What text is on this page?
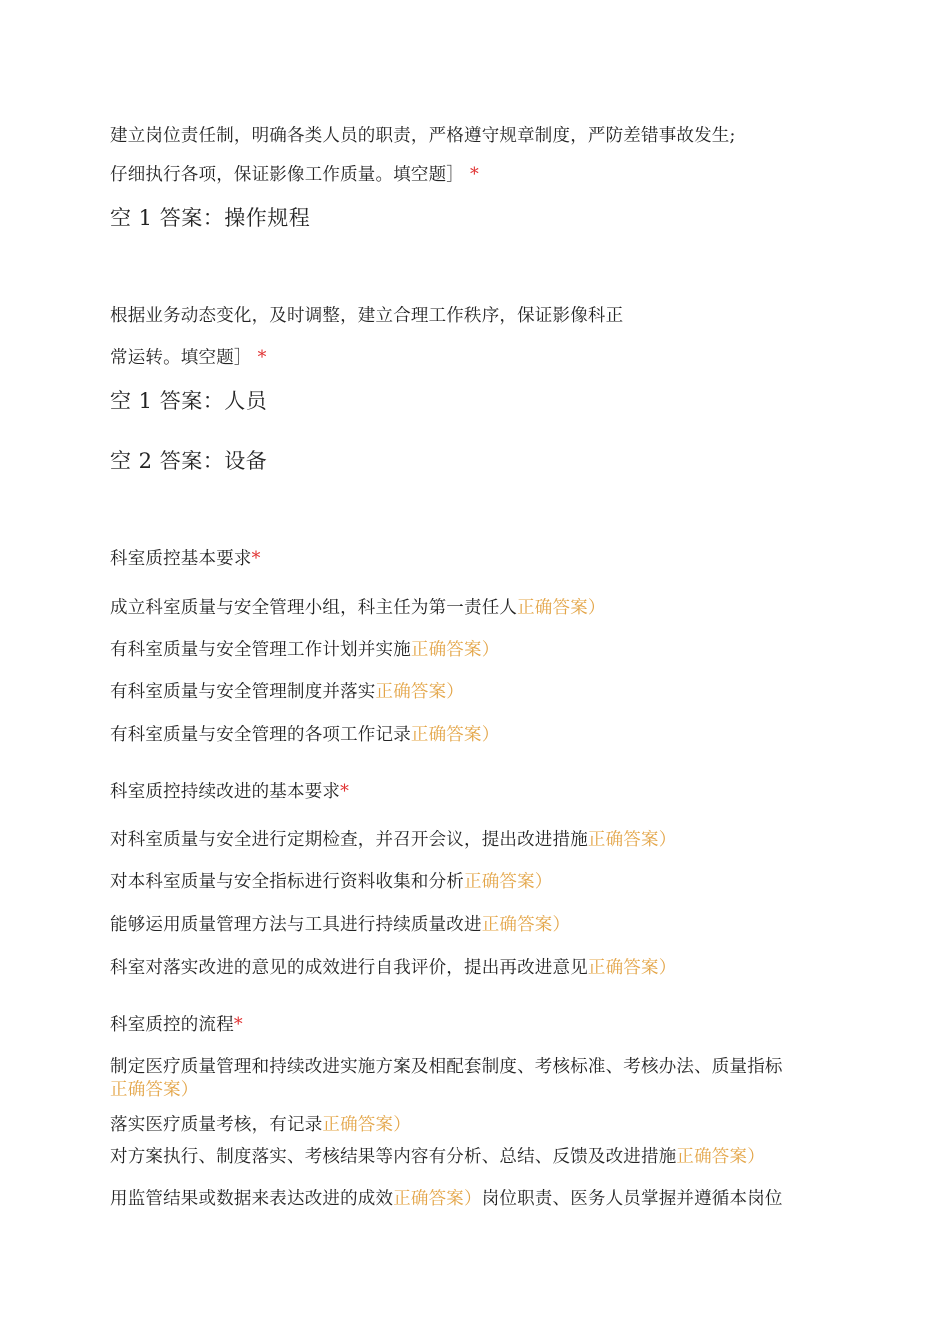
建立岗位责任制，明确各类人员的职责，严格遵守规章制度，严防差错事故发生;
仔细执行各项，保证影像工作质量。填空题］ *
空 1 答案：操作规程
根据业务动态变化，及时调整，建立合理工作秩序，保证影像科正
常运转。填空题］ *
空 1 答案：人员
空 2 答案：设备
科室质控基本要求*
成立科室质量与安全管理小组，科主任为第一责任人正确答案）
有科室质量与安全管理工作计划并实施正确答案）
有科室质量与安全管理制度并落实正确答案）
有科室质量与安全管理的各项工作记录正确答案）
科室质控持续改进的基本要求*
对科室质量与安全进行定期检查，并召开会议，提出改进措施正确答案）
对本科室质量与安全指标进行资料收集和分析正确答案）
能够运用质量管理方法与工具进行持续质量改进正确答案）
科室对落实改进的意见的成效进行自我评价，提出再改进意见正确答案）
科室质控的流程*
制定医疗质量管理和持续改进实施方案及相配套制度、考核标准、考核办法、质量指标
正确答案）
落实医疗质量考核，有记录正确答案）
对方案执行、制度落实、考核结果等内容有分析、总结、反馈及改进措施正确答案）
用监管结果或数据来表达改进的成效正确答案）岗位职责、医务人员掌握并遵循本岗位
